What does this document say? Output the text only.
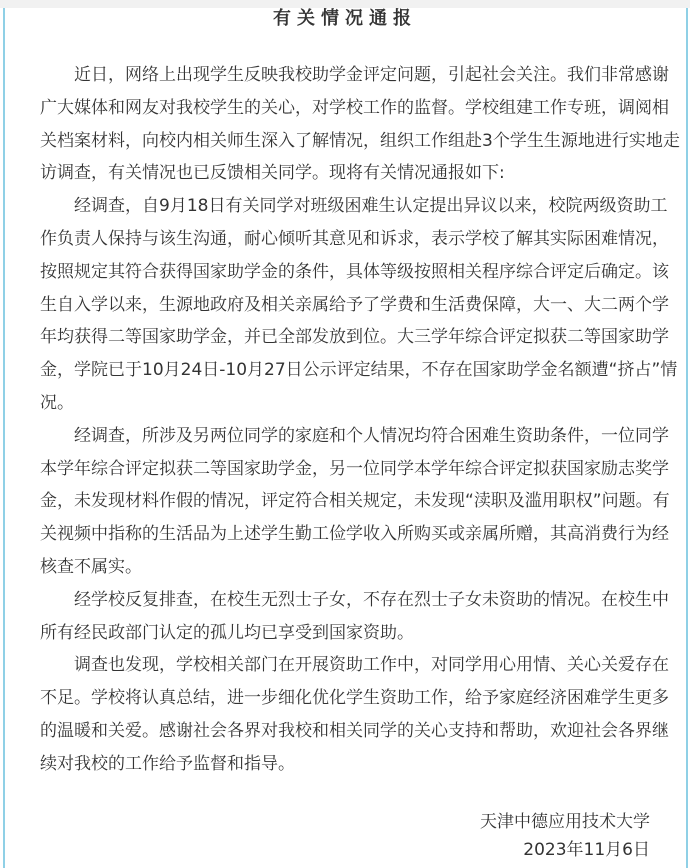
有关情况通报
近日，网络上出现学生反映我校助学金评定问题，引起社会关注。我们非常感谢
广大媒体和网友对我校学生的关心，对学校工作的监督。学校组建工作专班，调阅相
关档案材料，向校内相关师生深入了解情况，组织工作组赴3个学生生源地进行实地走
访调查，有关情况也已反馈相关同学。现将有关情况通报如下:
经调查，自9月18日有关同学对班级困难生认定提出异议以来，校院两级资助工
作负责人保持与该生沟通，耐心倾听其意见和诉求，表示学校了解其实际困难情况，
按照规定其符合获得国家助学金的条件，具体等级按照相关程序综合评定后确定。该
生自入学以来，生源地政府及相关亲属给予了学费和生活费保障，大一、大二两个学
年均获得二等国家助学金，并已全部发放到位。大三学年综合评定拟获二等国家助学
金，学院已于10月24日-10月27日公示评定结果，不存在国家助学金名额遭“挤占”情
况。
经调查，所涉及另两位同学的家庭和个人情况均符合困难生资助条件，一位同学
本学年综合评定拟获二等国家助学金，另一位同学本学年综合评定拟获国家励志奖学
金，未发现材料作假的情况，评定符合相关规定，未发现“渎职及滥用职权”问题。有
关视频中指称的生活品为上述学生勤工俭学收入所购买或亲属所赠，其高消费行为经
核查不属实。
经学校反复排查，在校生无烈士子女，不存在烈士子女未资助的情况。在校生中
所有经民政部门认定的孤儿均已享受到国家资助。
调查也发现，学校相关部门在开展资助工作中，对同学用心用情、关心关爱存在
不足。学校将认真总结，进一步细化优化学生资助工作，给予家庭经济困难学生更多
的温暖和关爱。感谢社会各界对我校和相关同学的关心支持和帮助，欢迎社会各界继
续对我校的工作给予监督和指导。
天津中德应用技术大学
2023年11月6日
